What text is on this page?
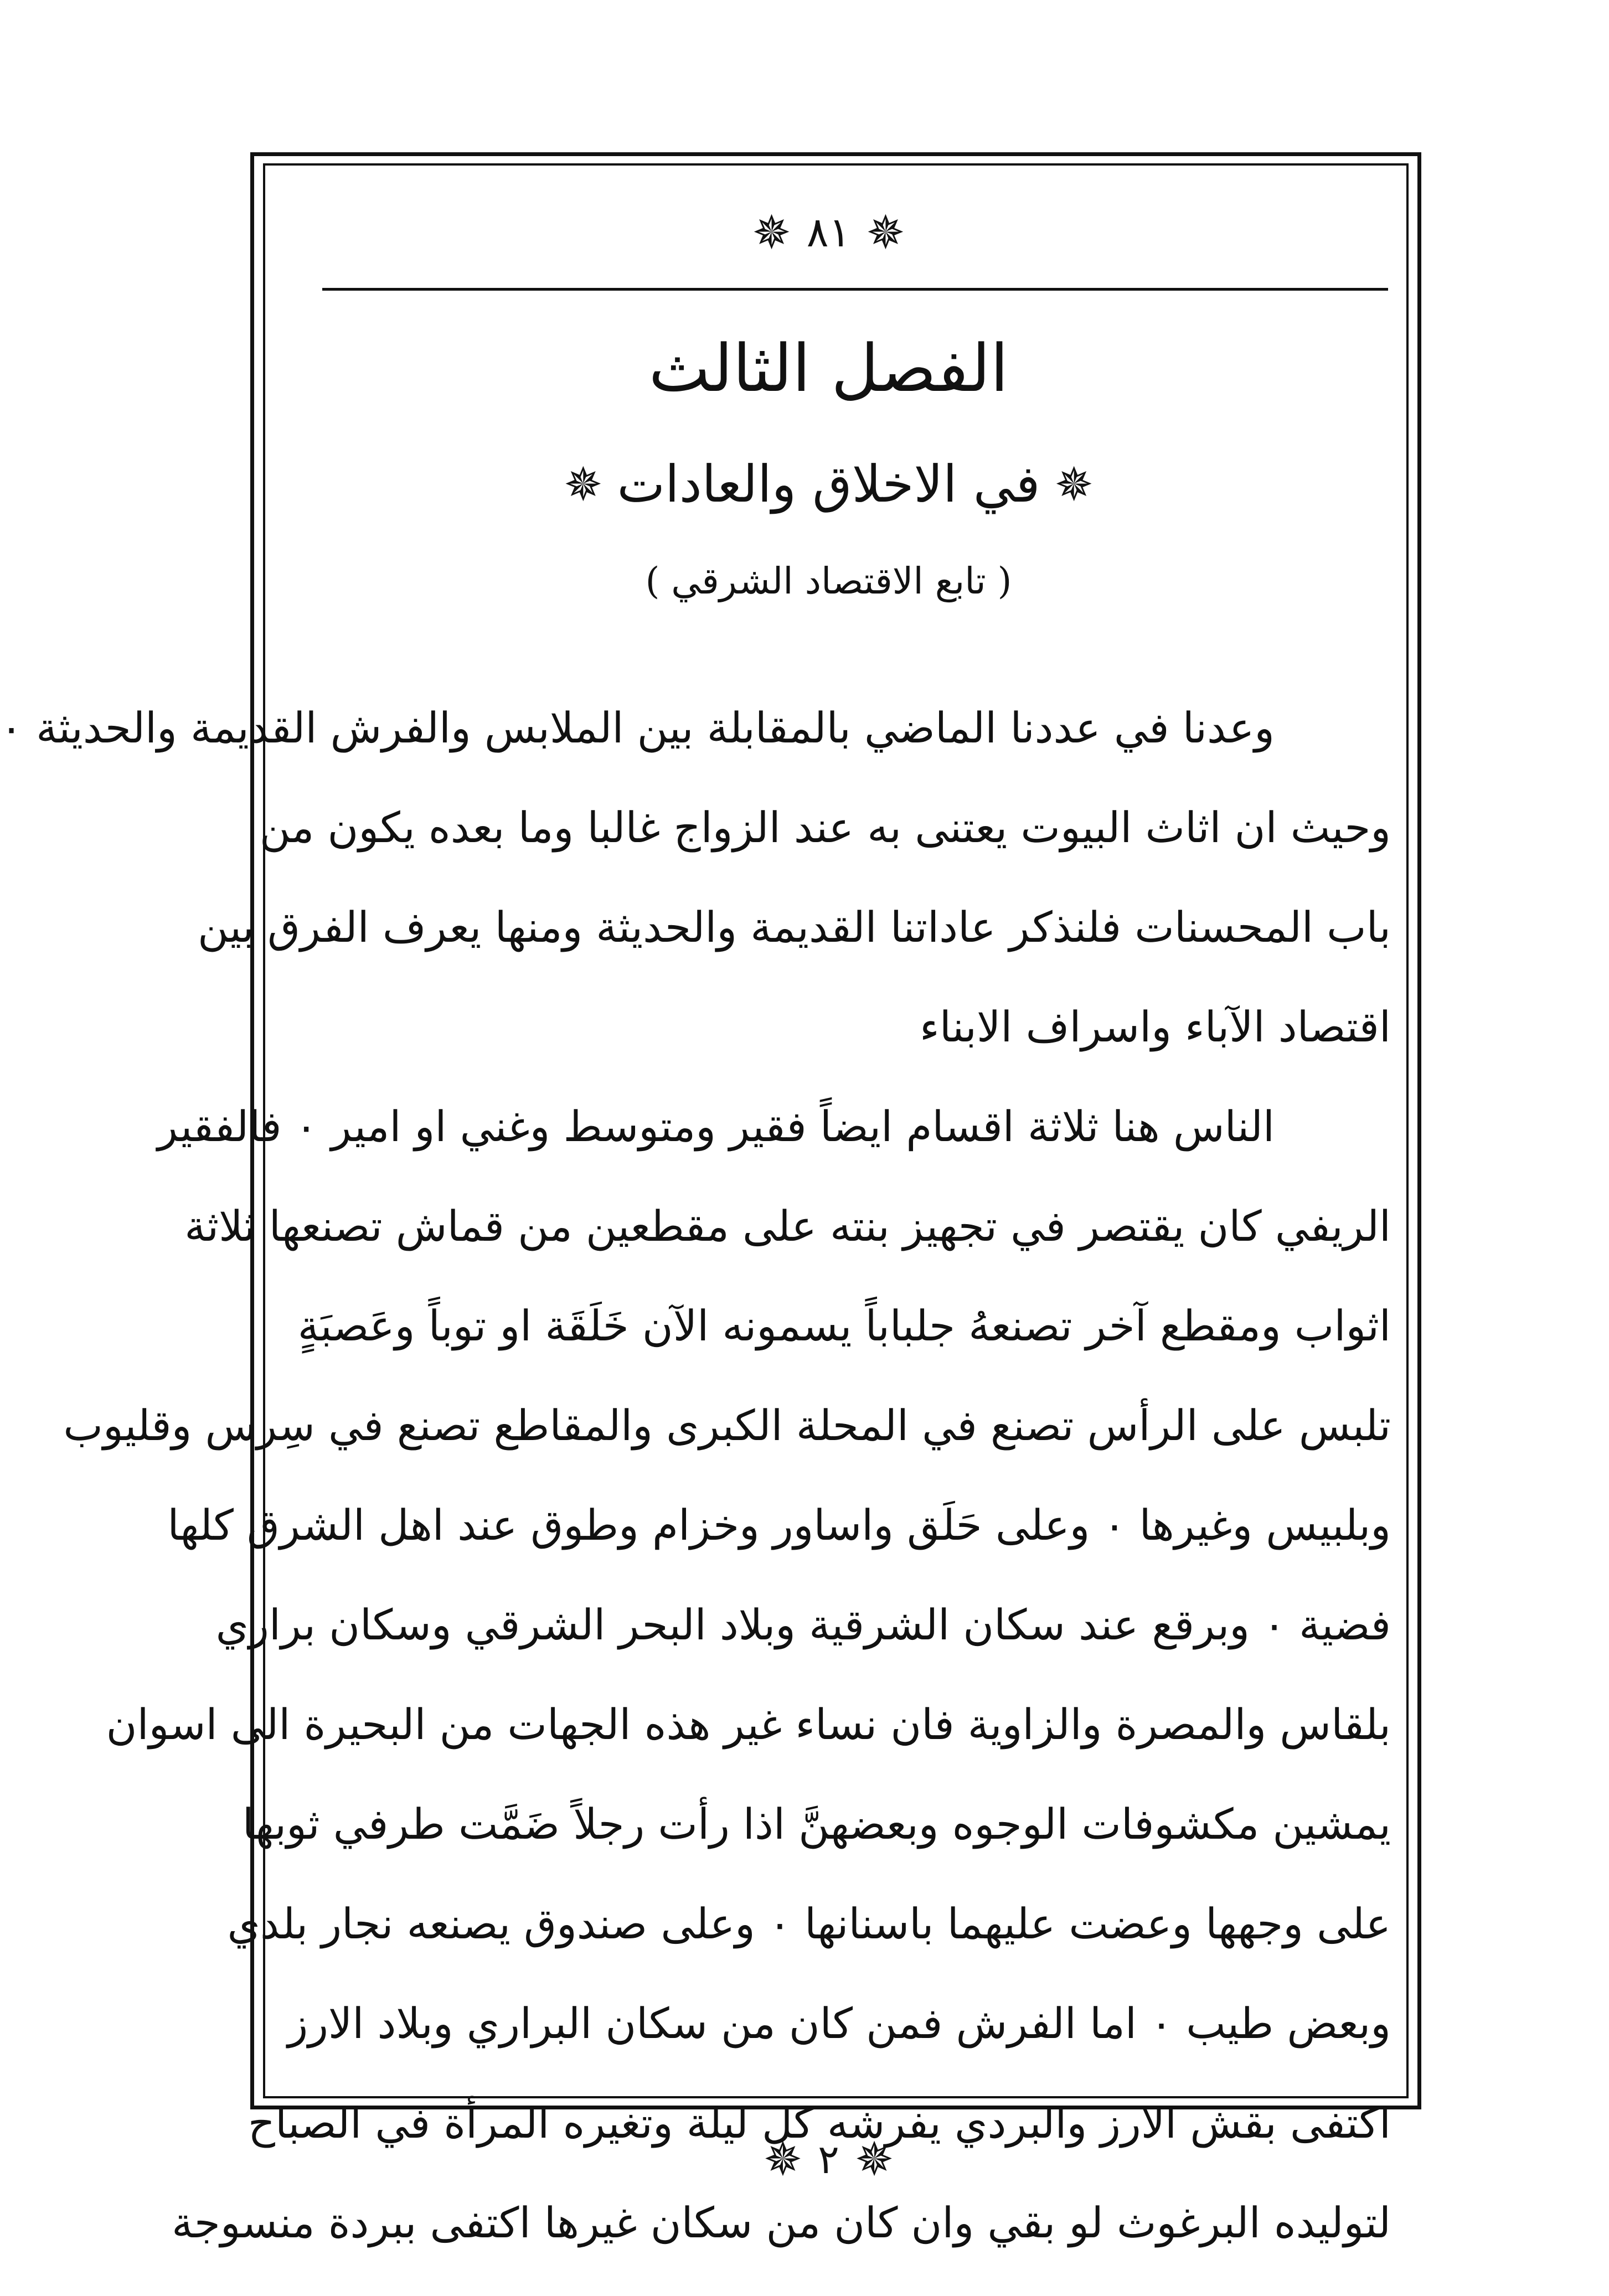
✵
٨١
✵
الفصل الثالث
✵
في الاخلاق والعادات
✵
( تابع الاقتصاد الشرقي )
وعدنا في عددنا الماضي بالمقابلة بين الملابس والفرش القديمة والحديثة ٠
وحيث ان اثاث البيوت يعتنى به عند الزواج غالبا وما بعده يكون من
باب المحسنات فلنذكر عاداتنا القديمة والحديثة ومنها يعرف الفرق بين
اقتصاد الآباء واسراف الابناء
الناس هنا ثلاثة اقسام ايضاً فقير ومتوسط وغني او امير ٠ فالفقير
الريفي كان يقتصر في تجهيز بنته على مقطعين من قماش تصنعها ثلاثة
اثواب ومقطع آخر تصنعهُ جلباباً يسمونه الآن خَلَقَة او توباً وعَصبَةٍ
تلبس على الرأس تصنع في المحلة الكبرى والمقاطع تصنع في سِرس وقليوب
وبلبيس وغيرها ٠ وعلى حَلَق واساور وخزام وطوق عند اهل الشرق كلها
فضية ٠ وبرقع عند سكان الشرقية وبلاد البحر الشرقي وسكان براري
بلقاس والمصرة والزاوية فان نساء غير هذه الجهات من البحيرة الى اسوان
يمشين مكشوفات الوجوه وبعضهنَّ اذا رأت رجلاً ضَمَّت طرفي ثوبها
على وجهها وعضت عليهما باسنانها ٠ وعلى صندوق يصنعه نجار بلدي
وبعض طيب ٠ اما الفرش فمن كان من سكان البراري وبلاد الارز
اكتفى بقش الارز والبردي يفرشه كل ليلة وتغيره المرأة في الصباح
لتوليده البرغوث لو بقي وان كان من سكان غيرها اكتفى ببردة منسوجة
✵
٢
✵
